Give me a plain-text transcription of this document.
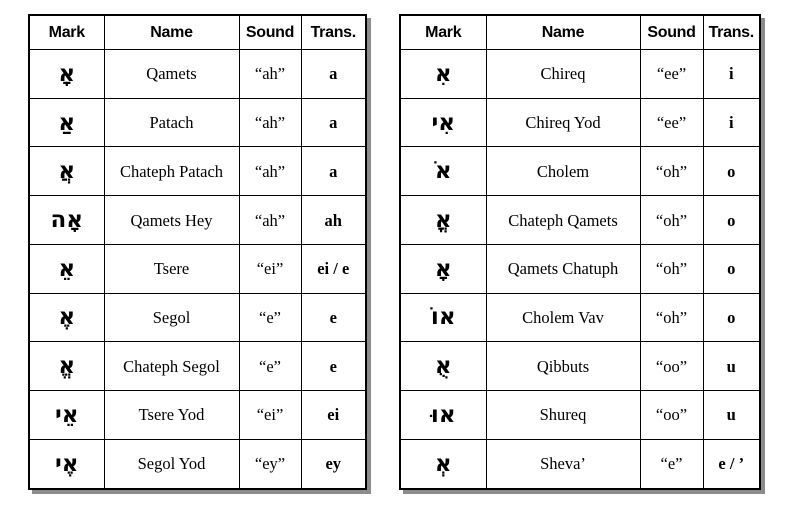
Mark	Name	Sound	Trans.
אָ	Qamets	“ah”	a
אַ	Patach	“ah”	a
אֲ	Chateph Patach	“ah”	a
אָה	Qamets Hey	“ah”	ah
אֵ	Tsere	“ei”	ei / e
אֶ	Segol	“e”	e
אֱ	Chateph Segol	“e”	e
אֵי	Tsere Yod	“ei”	ei
אֶי	Segol Yod	“ey”	ey
Mark	Name	Sound	Trans.
אִ	Chireq	“ee”	i
אִי	Chireq Yod	“ee”	i
אֹ	Cholem	“oh”	o
אֳ	Chateph Qamets	“oh”	o
אָ	Qamets Chatuph	“oh”	o
אוֹ	Cholem Vav	“oh”	o
אֻ	Qibbuts	“oo”	u
אוּ	Shureq	“oo”	u
אְ	Sheva’	“e”	e / ’
